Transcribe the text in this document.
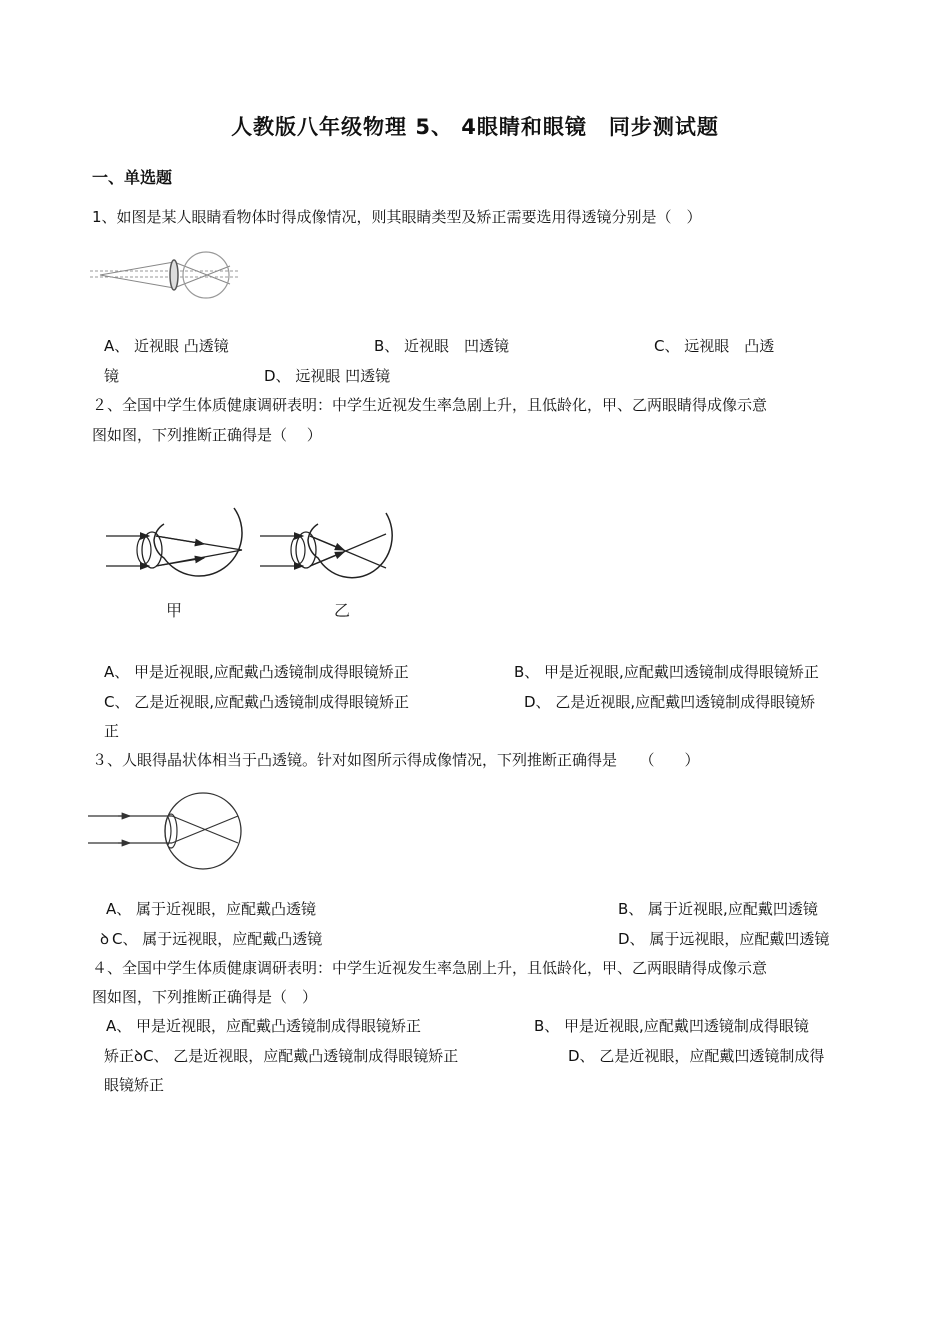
人教版八年级物理 5、 4眼睛和眼镜　同步测试题
一、单选题
1、如图是某人眼睛看物体时得成像情况，则其眼睛类型及矫正需要选用得透镜分别是（　）
A、 近视眼 凸透镜	B、 近视眼　凹透镜	C、 远视眼　凸透
镜	D、 远视眼 凹透镜
２、全国中学生体质健康调研表明：中学生近视发生率急剧上升，且低龄化，甲、乙两眼睛得成像示意
图如图，下列推断正确得是（　 ）
甲	乙
A、 甲是近视眼,应配戴凸透镜制成得眼镜矫正	B、 甲是近视眼,应配戴凹透镜制成得眼镜矫正
C、 乙是近视眼,应配戴凸透镜制成得眼镜矫正	D、 乙是近视眼,应配戴凹透镜制成得眼镜矫
正
３、人眼得晶状体相当于凸透镜。针对如图所示得成像情况，下列推断正确得是　　（　　）
A、 属于近视眼，应配戴凸透镜	B、 属于近视眼,应配戴凹透镜
ꝺ C、 属于远视眼，应配戴凸透镜	D、 属于远视眼，应配戴凹透镜
４、全国中学生体质健康调研表明：中学生近视发生率急剧上升，且低龄化，甲、乙两眼睛得成像示意
图如图，下列推断正确得是（　）
A、 甲是近视眼，应配戴凸透镜制成得眼镜矫正	B、 甲是近视眼,应配戴凹透镜制成得眼镜
矫正ꝺC、 乙是近视眼，应配戴凸透镜制成得眼镜矫正	D、 乙是近视眼，应配戴凹透镜制成得
眼镜矫正
